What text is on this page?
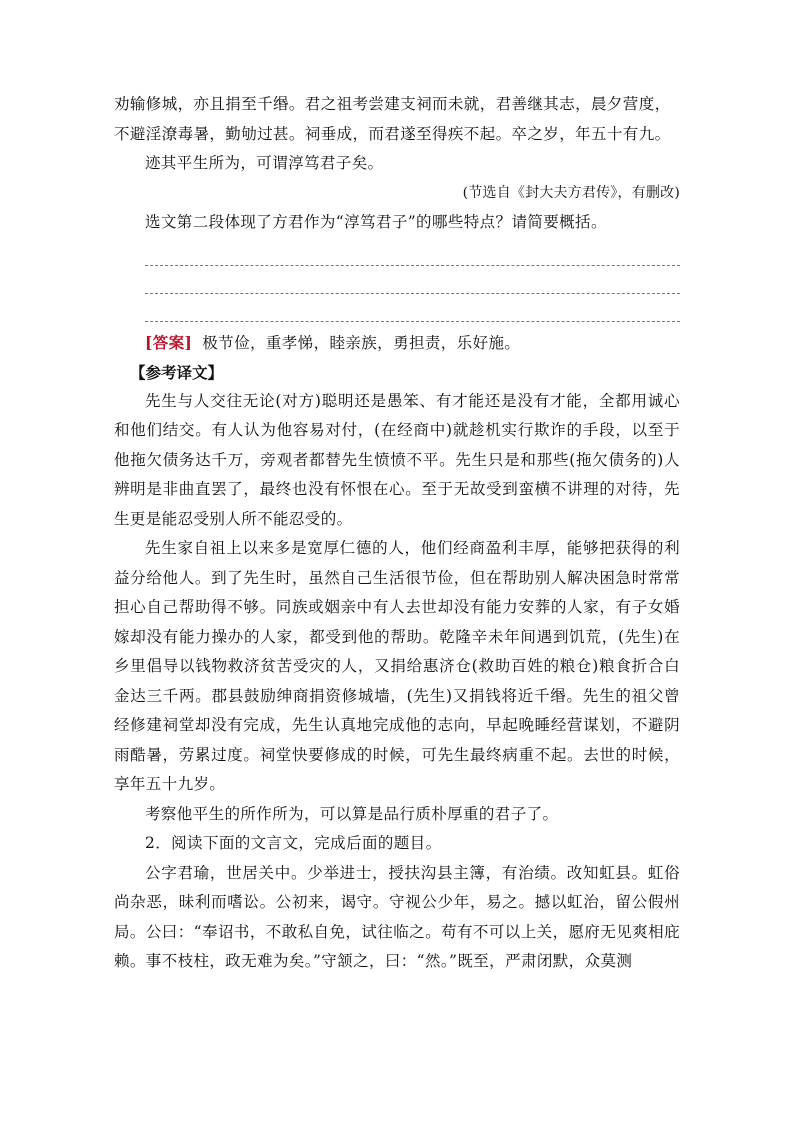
劝输修城，亦且捐至千缗。君之祖考尝建支祠而未就，君善继其志，晨夕营度，

不避淫潦毒暑，勤劬过甚。祠垂成，而君遂至得疾不起。卒之岁，年五十有九。

迹其平生所为，可谓淳笃君子矣。

(节选自《封大夫方君传》，有删改)

选文第二段体现了方君作为“淳笃君子”的哪些特点？请简要概括。

[答案] 极节俭，重孝悌，睦亲族，勇担责，乐好施。

【参考译文】

先生与人交往无论(对方)聪明还是愚笨、有才能还是没有才能，全都用诚心和他们结交。有人认为他容易对付，(在经商中)就趁机实行欺诈的手段，以至于他拖欠债务达千万，旁观者都替先生愤愤不平。先生只是和那些(拖欠债务的)人辨明是非曲直罢了，最终也没有怀恨在心。至于无故受到蛮横不讲理的对待，先生更是能忍受别人所不能忍受的。

先生家自祖上以来多是宽厚仁德的人，他们经商盈利丰厚，能够把获得的利益分给他人。到了先生时，虽然自己生活很节俭，但在帮助别人解决困急时常常担心自己帮助得不够。同族或姻亲中有人去世却没有能力安葬的人家，有子女婚嫁却没有能力操办的人家，都受到他的帮助。乾隆辛未年间遇到饥荒，(先生)在乡里倡导以钱物救济贫苦受灾的人，又捐给惠济仓(救助百姓的粮仓)粮食折合白金达三千两。郡县鼓励绅商捐资修城墙，(先生)又捐钱将近千缗。先生的祖父曾经修建祠堂却没有完成，先生认真地完成他的志向，早起晚睡经营谋划，不避阴雨酷暑，劳累过度。祠堂快要修成的时候，可先生最终病重不起。去世的时候，享年五十九岁。

考察他平生的所作所为，可以算是品行质朴厚重的君子了。

2．阅读下面的文言文，完成后面的题目。

公字君瑜，世居关中。少举进士，授扶沟县主簿，有治绩。改知虹县。虹俗尚杂恶，昧利而嗜讼。公初来，谒守。守视公少年，易之。撼以虹治，留公假州局。公曰：“奉诏书，不敢私自免，试往临之。苟有不可以上关，愿府无见爽相庇赖。事不枝柱，政无难为矣。”守颔之，曰：“然。”既至，严肃闭默，众莫测
